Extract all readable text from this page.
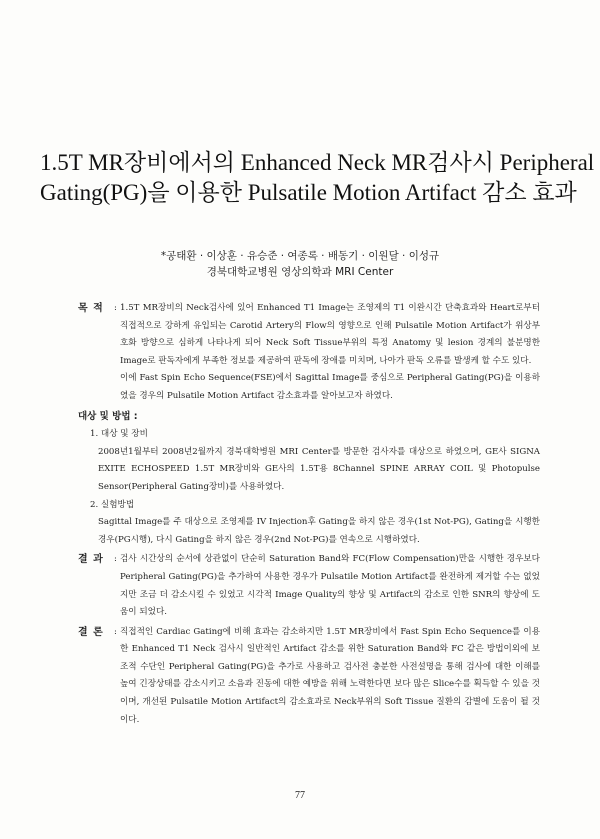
1.5T MR장비에서의 Enhanced Neck MR검사시 Peripheral
Gating(PG)을 이용한 Pulsatile Motion Artifact 감소 효과
*공태환 · 이상훈 · 유승준 · 여종록 · 배동기 · 이원달 · 이성규
경북대학교병원 영상의학과 MRI Center
목 적 : 1.5T MR장비의 Neck검사에 있어 Enhanced T1 Image는 조영제의 T1 이완시간 단축효과와 Heart로부터 직접적으로 강하게 유입되는 Carotid Artery의 Flow의 영향으로 인해 Pulsatile Motion Artifact가 위상부호화 방향으로 심하게 나타나게 되어 Neck Soft Tissue부위의 특정 Anatomy 및 lesion 경계의 불분명한 Image로 판독자에게 부족한 정보를 제공하여 판독에 장애를 미치며, 나아가 판독 오류를 발생케 할 수도 있다.

이에 Fast Spin Echo Sequence(FSE)에서 Sagittal Image를 중심으로 Peripheral Gating(PG)을 이용하였을 경우의 Pulsatile Motion Artifact 감소효과를 알아보고자 하였다.

대상 및 방법 :
1. 대상 및 장비
2008년1월부터 2008년2월까지 경북대학병원 MRI Center를 방문한 검사자를 대상으로 하였으며, GE사 SIGNA EXITE ECHOSPEED 1.5T MR장비와 GE사의 1.5T용 8Channel SPINE ARRAY COIL 및 Photopulse Sensor(Peripheral Gating장비)를 사용하였다.
2. 실험방법
Sagittal Image를 주 대상으로 조영제를 IV Injection후 Gating을 하지 않은 경우(1st Not-PG), Gating을 시행한 경우(PG시행), 다시 Gating을 하지 않은 경우(2nd Not-PG)를 연속으로 시행하였다.
결 과 : 검사 시간상의 순서에 상관없이 단순히 Saturation Band와 FC(Flow Compensation)만을 시행한 경우보다 Peripheral Gating(PG)을 추가하여 사용한 경우가 Pulsatile Motion Artifact를 완전하게 제거할 수는 없었지만 조금 더 감소시킬 수 있었고 시각적 Image Quality의 향상 및 Artifact의 감소로 인한 SNR의 향상에 도움이 되었다.

결 론 : 직접적인 Cardiac Gating에 비해 효과는 감소하지만 1.5T MR장비에서 Fast Spin Echo Sequence를 이용한 Enhanced T1 Neck 검사시 일반적인 Artifact 감소를 위한 Saturation Band와 FC 같은 방법이외에 보조적 수단인 Peripheral Gating(PG)을 추가로 사용하고 검사전 충분한 사전설명을 통해 검사에 대한 이해를 높여 긴장상태를 감소시키고 소음과 진동에 대한 예방을 위해 노력한다면 보다 많은 Slice수를 획득할 수 있을 것이며, 개선된 Pulsatile Motion Artifact의 감소효과로 Neck부위의 Soft Tissue 질환의 감별에 도움이 될 것이다.

77
